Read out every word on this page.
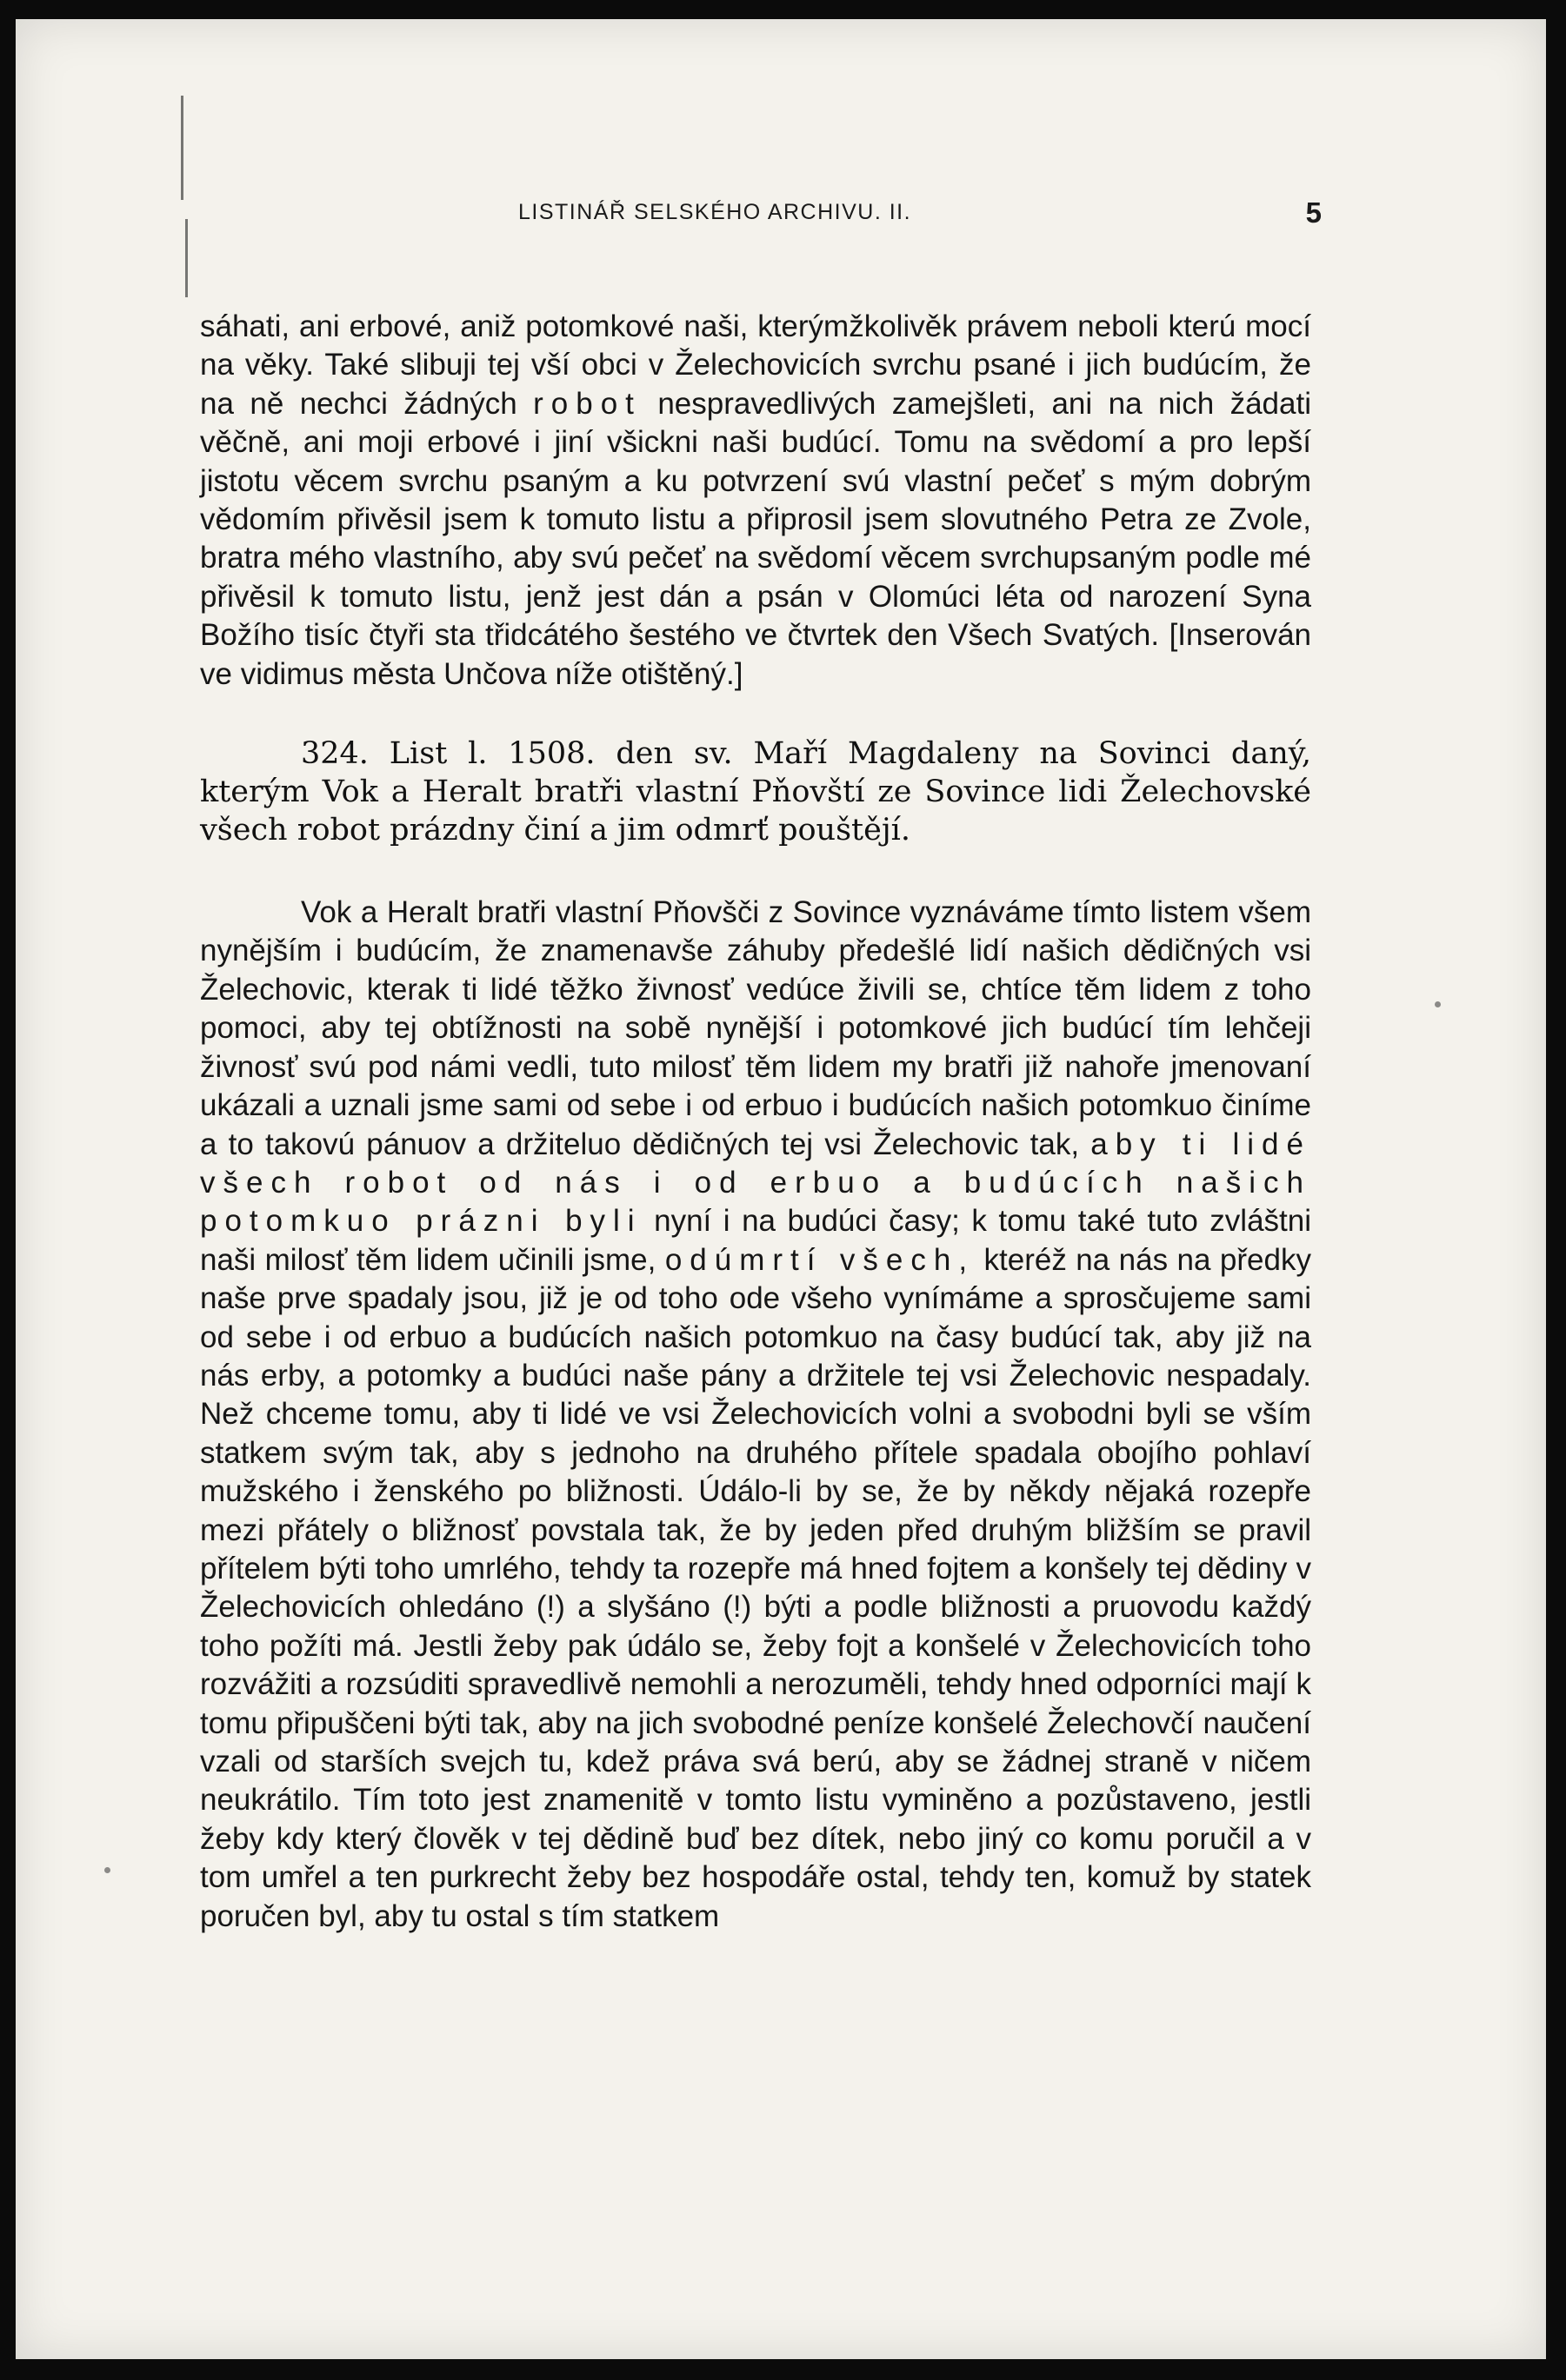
LISTINÁŘ SELSKÉHO ARCHIVU. II.	5

sáhati, ani erbové, aniž potomkové naši, kterýmžkolivěk právem neboli kterú mocí na věky. Také slibuji tej vší obci v Želechovicích svrchu psané i jich budúcím, že na ně nechci žádných robot nespravedlivých zamejšleti, ani na nich žádati věčně, ani moji erbové i jiní všickni naši budúcí. Tomu na svědomí a pro lepší jistotu věcem svrchu psaným a ku potvrzení svú vlastní pečeť s mým dobrým vědomím přivěsil jsem k tomuto listu a připrosil jsem slovutného Petra ze Zvole, bratra mého vlastního, aby svú pečeť na svědomí věcem svrchupsaným podle mé přivěsil k tomuto listu, jenž jest dán a psán v Olomúci léta od narození Syna Božího tisíc čtyři sta třidcátého šestého ve čtvrtek den Všech Svatých. [Inserován ve vidimus města Unčova níže otištěný.]

324. List l. 1508. den sv. Maří Magdaleny na Sovinci daný, kterým Vok a Heralt bratři vlastní Pňovští ze Sovince lidi Želechovské všech robot prázdny činí a jim odmrť pouštějí.

Vok a Heralt bratři vlastní Pňovšči z Sovince vyznáváme tímto listem všem nynějším i budúcím, že znamenavše záhuby předešlé lidí našich dědičných vsi Želechovic, kterak ti lidé těžko živnosť vedúce živili se, chtíce těm lidem z toho pomoci, aby tej obtížnosti na sobě nynější i potomkové jich budúcí tím lehčeji živnosť svú pod námi vedli, tuto milosť těm lidem my bratři již nahoře jmenovaní ukázali a uznali jsme sami od sebe i od erbuo i budúcích našich potomkuo činíme a to takovú pánuov a držiteluo dědičných tej vsi Želechovic tak, aby ti lidé všech robot od nás i od erbuo a budúcích našich potomkuo prázni byli nyní i na budúci časy; k tomu také tuto zvláštni naši milosť těm lidem učinili jsme, odúmrtí všech, kteréž na nás na předky naše prve spadaly jsou, již je od toho ode všeho vynímáme a sprosčujeme sami od sebe i od erbuo a budúcích našich potomkuo na časy budúcí tak, aby již na nás erby, a potomky a budúci naše pány a držitele tej vsi Želechovic nespadaly. Než chceme tomu, aby ti lidé ve vsi Želechovicích volni a svobodni byli se vším statkem svým tak, aby s jednoho na druhého přítele spadala obojího pohlaví mužského i ženského po bližnosti. Údálo-li by se, že by někdy nějaká rozepře mezi přátely o bližnosť povstala tak, že by jeden před druhým bližším se pravil přítelem býti toho umrlého, tehdy ta rozepře má hned fojtem a konšely tej dědiny v Želechovicích ohledáno (!) a slyšáno (!) býti a podle bližnosti a pruovodu každý toho požíti má. Jestli žeby pak údálo se, žeby fojt a konšelé v Želechovicích toho rozvážiti a rozsúditi spravedlivě nemohli a nerozuměli, tehdy hned odporníci mají k tomu připuščeni býti tak, aby na jich svobodné peníze konšelé Želechovčí naučení vzali od starších svejch tu, kdež práva svá berú, aby se žádnej straně v ničem neukrátilo. Tím toto jest znamenitě v tomto listu vyminěno a pozůstaveno, jestli žeby kdy který člověk v tej dědině buď bez dítek, nebo jiný co komu poručil a v tom umřel a ten purkrecht žeby bez hospodáře ostal, tehdy ten, komuž by statek poručen byl, aby tu ostal s tím statkem
